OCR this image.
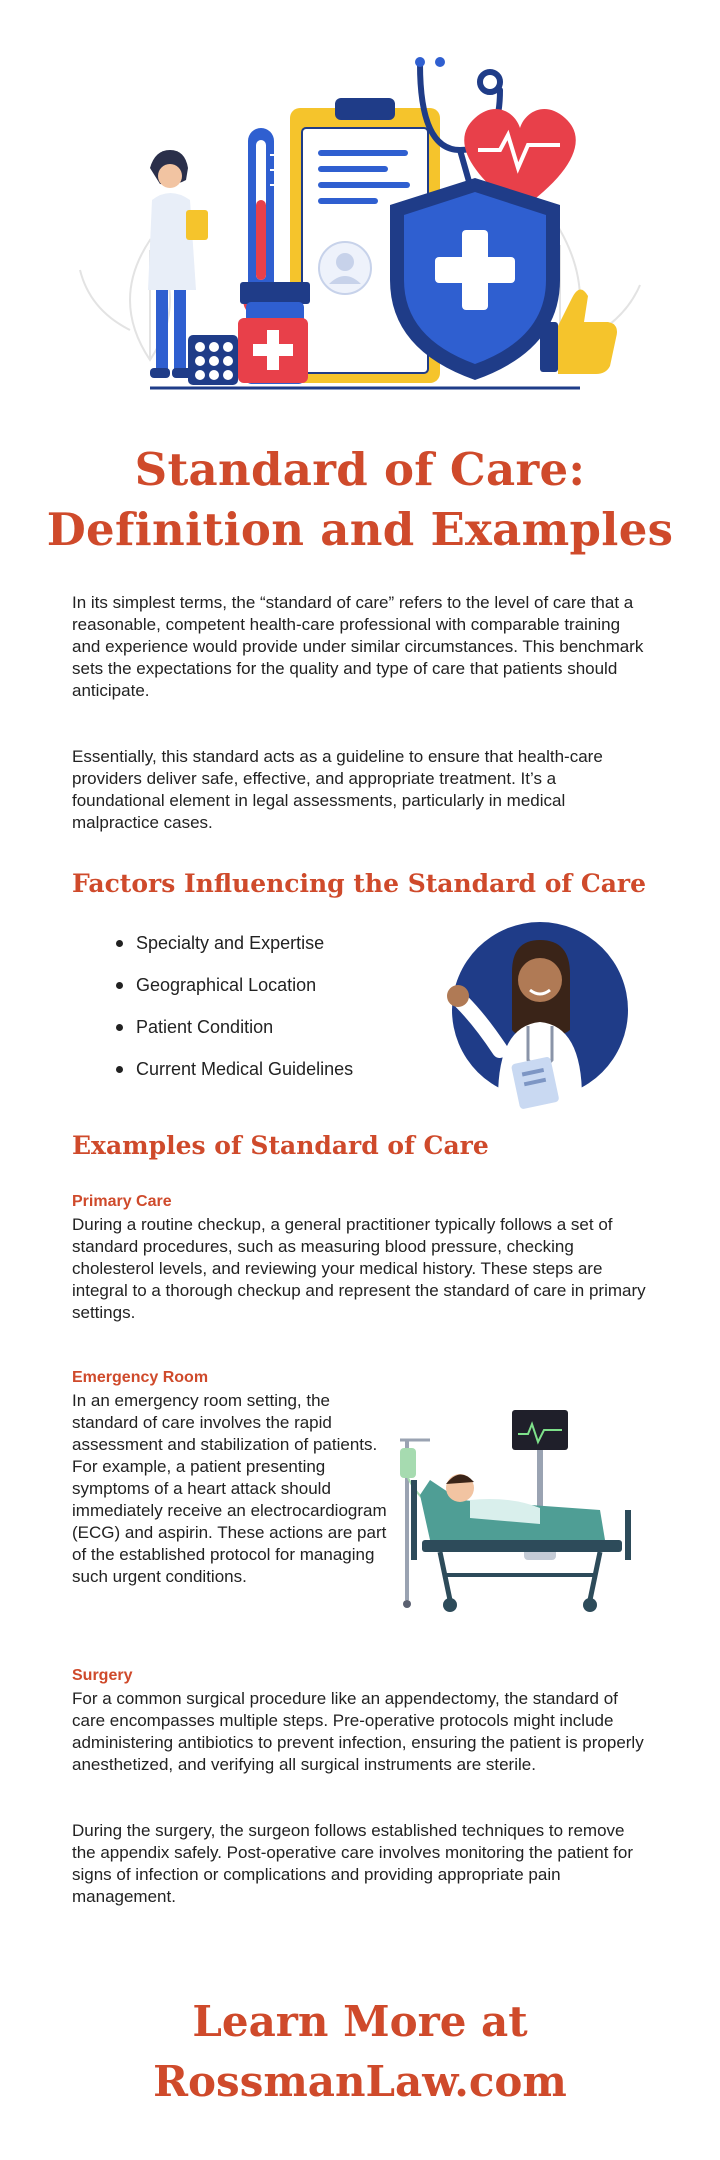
Standard of Care:
Definition and Examples

In its simplest terms, the “standard of care” refers to the level of care that a reasonable, competent health-care professional with comparable training and experience would provide under similar circumstances. This benchmark sets the expectations for the quality and type of care that patients should anticipate.

Essentially, this standard acts as a guideline to ensure that health-care providers deliver safe, effective, and appropriate treatment. It’s a foundational element in legal assessments, particularly in medical malpractice cases.

Factors Influencing the Standard of Care
Specialty and Expertise
Geographical Location
Patient Condition
Current Medical Guidelines
Examples of Standard of Care
Primary Care

During a routine checkup, a general practitioner typically follows a set of standard procedures, such as measuring blood pressure, checking cholesterol levels, and reviewing your medical history. These steps are integral to a thorough checkup and represent the standard of care in primary settings.

Emergency Room

In an emergency room setting, the standard of care involves the rapid assessment and stabilization of patients. For example, a patient presenting symptoms of a heart attack should immediately receive an electrocardiogram (ECG) and aspirin. These actions are part of the established protocol for managing such urgent conditions.

Surgery

For a common surgical procedure like an appendectomy, the standard of care encompasses multiple steps. Pre-operative protocols might include administering antibiotics to prevent infection, ensuring the patient is properly anesthetized, and verifying all surgical instruments are sterile.

During the surgery, the surgeon follows established techniques to remove the appendix safely. Post-operative care involves monitoring the patient for signs of infection or complications and providing appropriate pain management.

Learn More at
RossmanLaw.com
